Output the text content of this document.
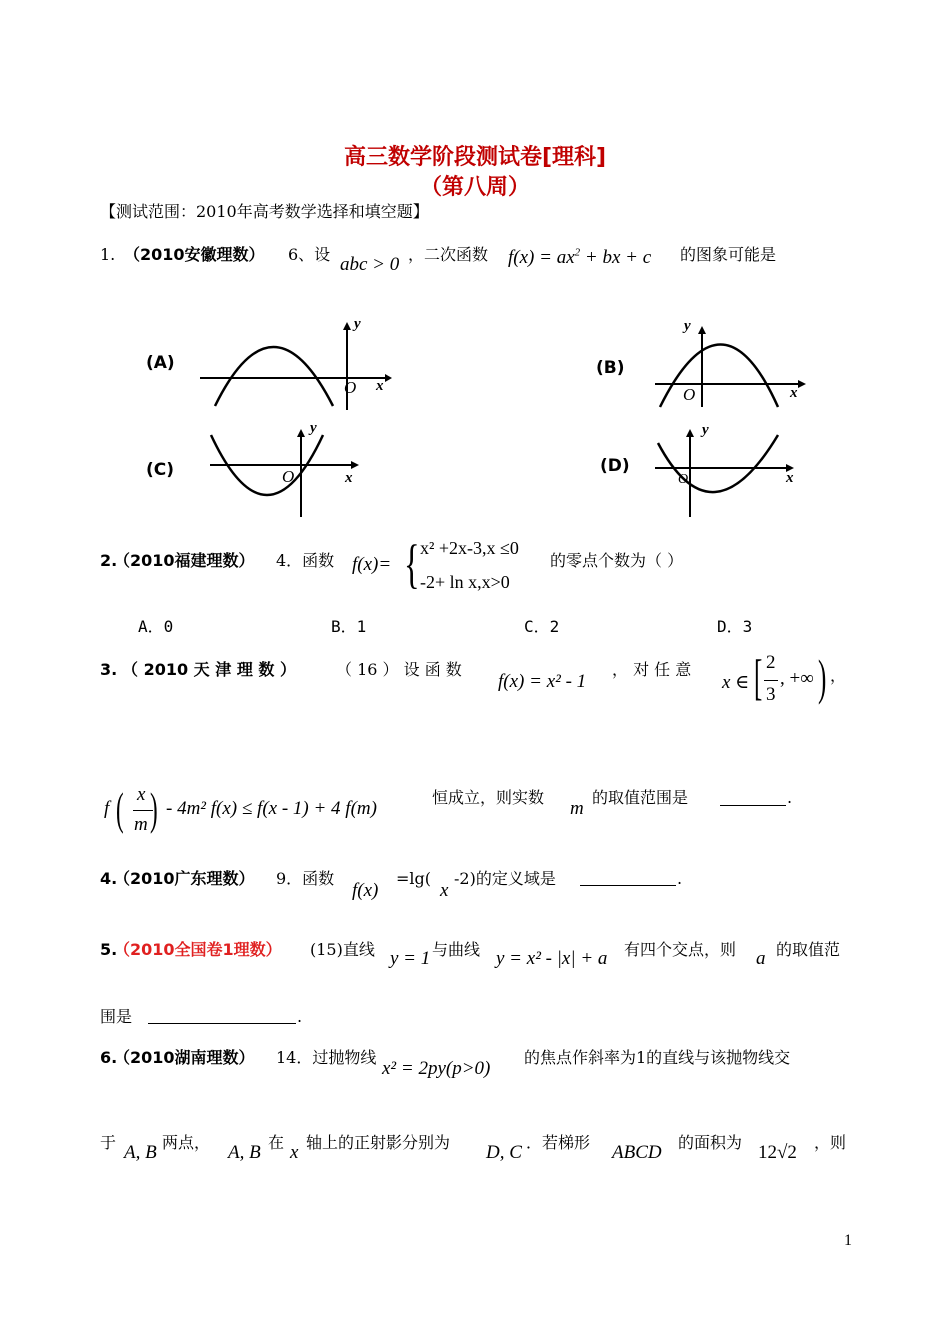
高三数学阶段测试卷[理科]
（第八周）
【测试范围：2010年高考数学选择和填空题】
1. （2010安徽理数） 6、设 abc > 0 ，二次函数 $f(x) = ax^2$ + bx + c 的图象可能是
(A)	(B)
(C)	(D)
y
x
O
y
x
O
y
x
O
y
x
O
2.
（2010福建理数） 4．函数 f(x)= { x² +2x-3,x ≤0
-2+ ln x,x>0
的零点个数为（ ）
A．0	B．1	C．2	D．3
3. （ 2010 天 津 理 数 ）	（ 16 ） 设 函 数
f(x) = x² - 1
， 对 任 意
x ∈ [ 2
3
, +∞ ) ，
f ( x
m ) - 4m² f(x) ≤ f(x - 1) + 4 f(m)
恒成立，则实数
m
的取值范围是	.
4.
（2010广东理数） 9．函数
f(x)
=lg(
x
-2)的定义域是	.
5.
（2010全国卷1理数） (15)直线 y = 1 与曲线 y = x² - |x| + a 有四个交点，则 a 的取值范
围是	.
6.
（2010湖南理数） 14．过抛物线
x² = 2py(p>0)
的焦点作斜率为1的直线与该抛物线交
于 A, B 两点， A, B 在 x 轴上的正射影分别为 D, C ．若梯形 ABCD 的面积为 12√2 ，则
1
